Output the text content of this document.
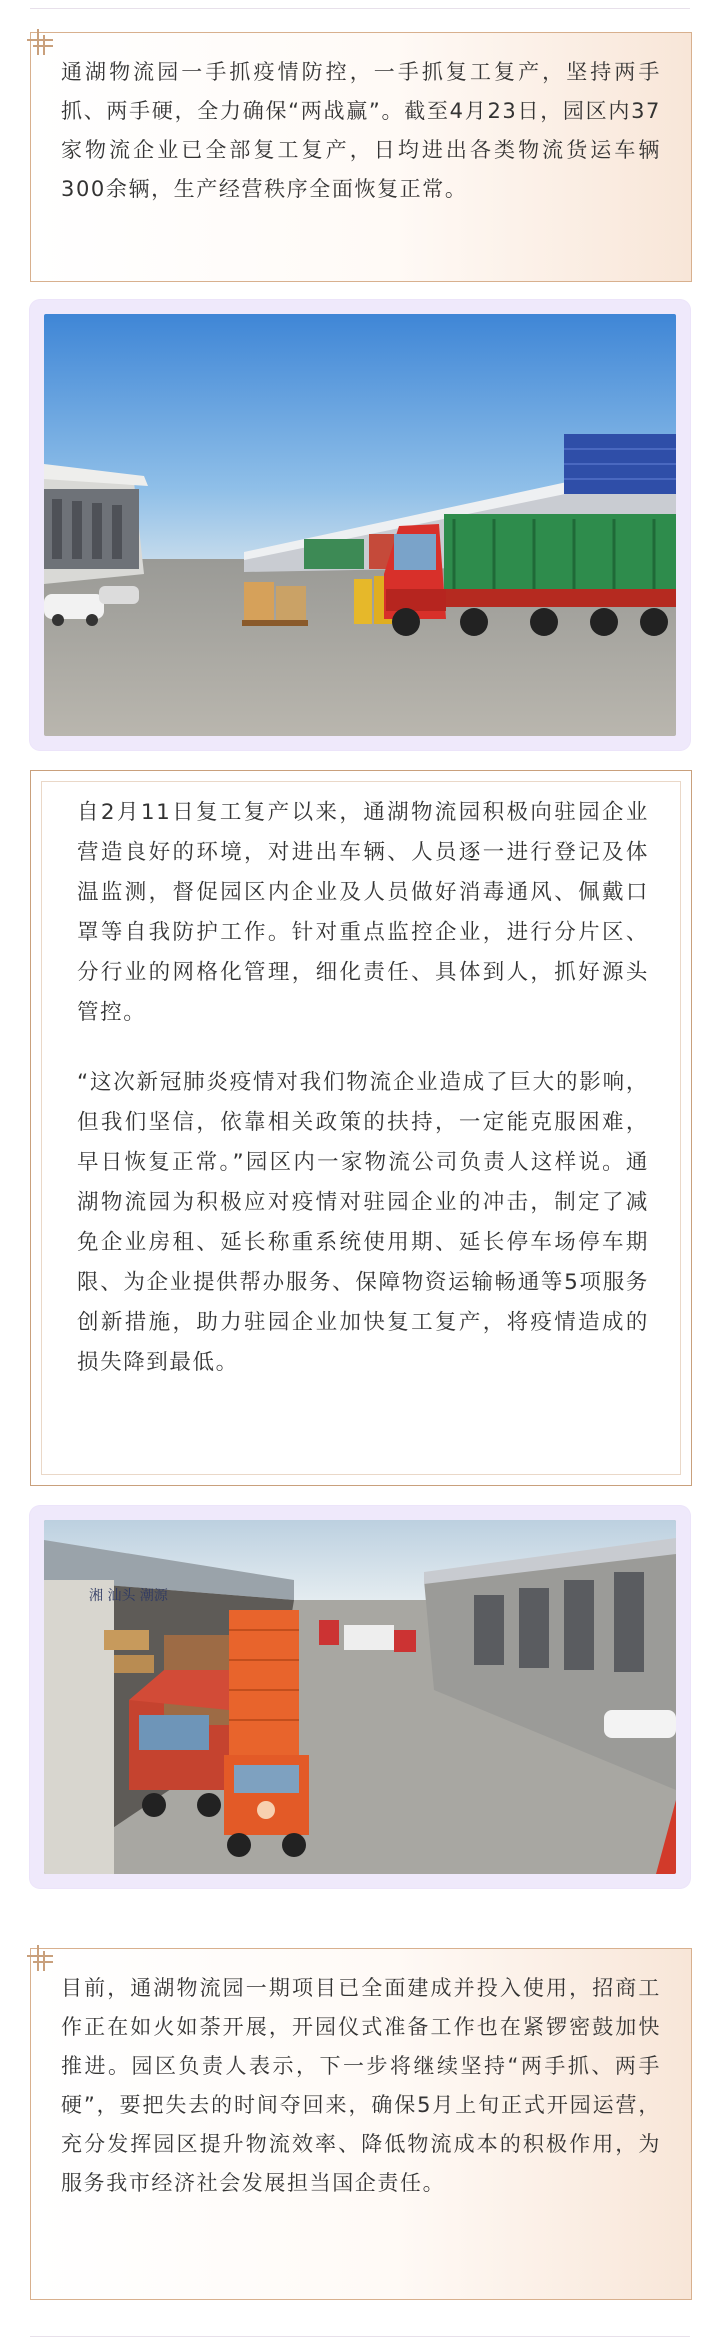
通湖物流园一手抓疫情防控，一手抓复工复产，坚持两手抓、两手硬，全力确保“两战赢”。截至4月23日，园区内37家物流企业已全部复工复产，日均进出各类物流货运车辆300余辆，生产经营秩序全面恢复正常。

自2月11日复工复产以来，通湖物流园积极向驻园企业营造良好的环境，对进出车辆、人员逐一进行登记及体温监测，督促园区内企业及人员做好消毒通风、佩戴口罩等自我防护工作。针对重点监控企业，进行分片区、分行业的网格化管理，细化责任、具体到人，抓好源头管控。

“这次新冠肺炎疫情对我们物流企业造成了巨大的影响，但我们坚信，依靠相关政策的扶持，一定能克服困难，早日恢复正常。”园区内一家物流公司负责人这样说。通湖物流园为积极应对疫情对驻园企业的冲击，制定了减免企业房租、延长称重系统使用期、延长停车场停车期限、为企业提供帮办服务、保障物资运输畅通等5项服务创新措施，助力驻园企业加快复工复产，将疫情造成的损失降到最低。

湘 汕头 潮源

目前，通湖物流园一期项目已全面建成并投入使用，招商工作正在如火如荼开展，开园仪式准备工作也在紧锣密鼓加快推进。园区负责人表示，下一步将继续坚持“两手抓、两手硬”，要把失去的时间夺回来，确保5月上旬正式开园运营，充分发挥园区提升物流效率、降低物流成本的积极作用，为服务我市经济社会发展担当国企责任。
